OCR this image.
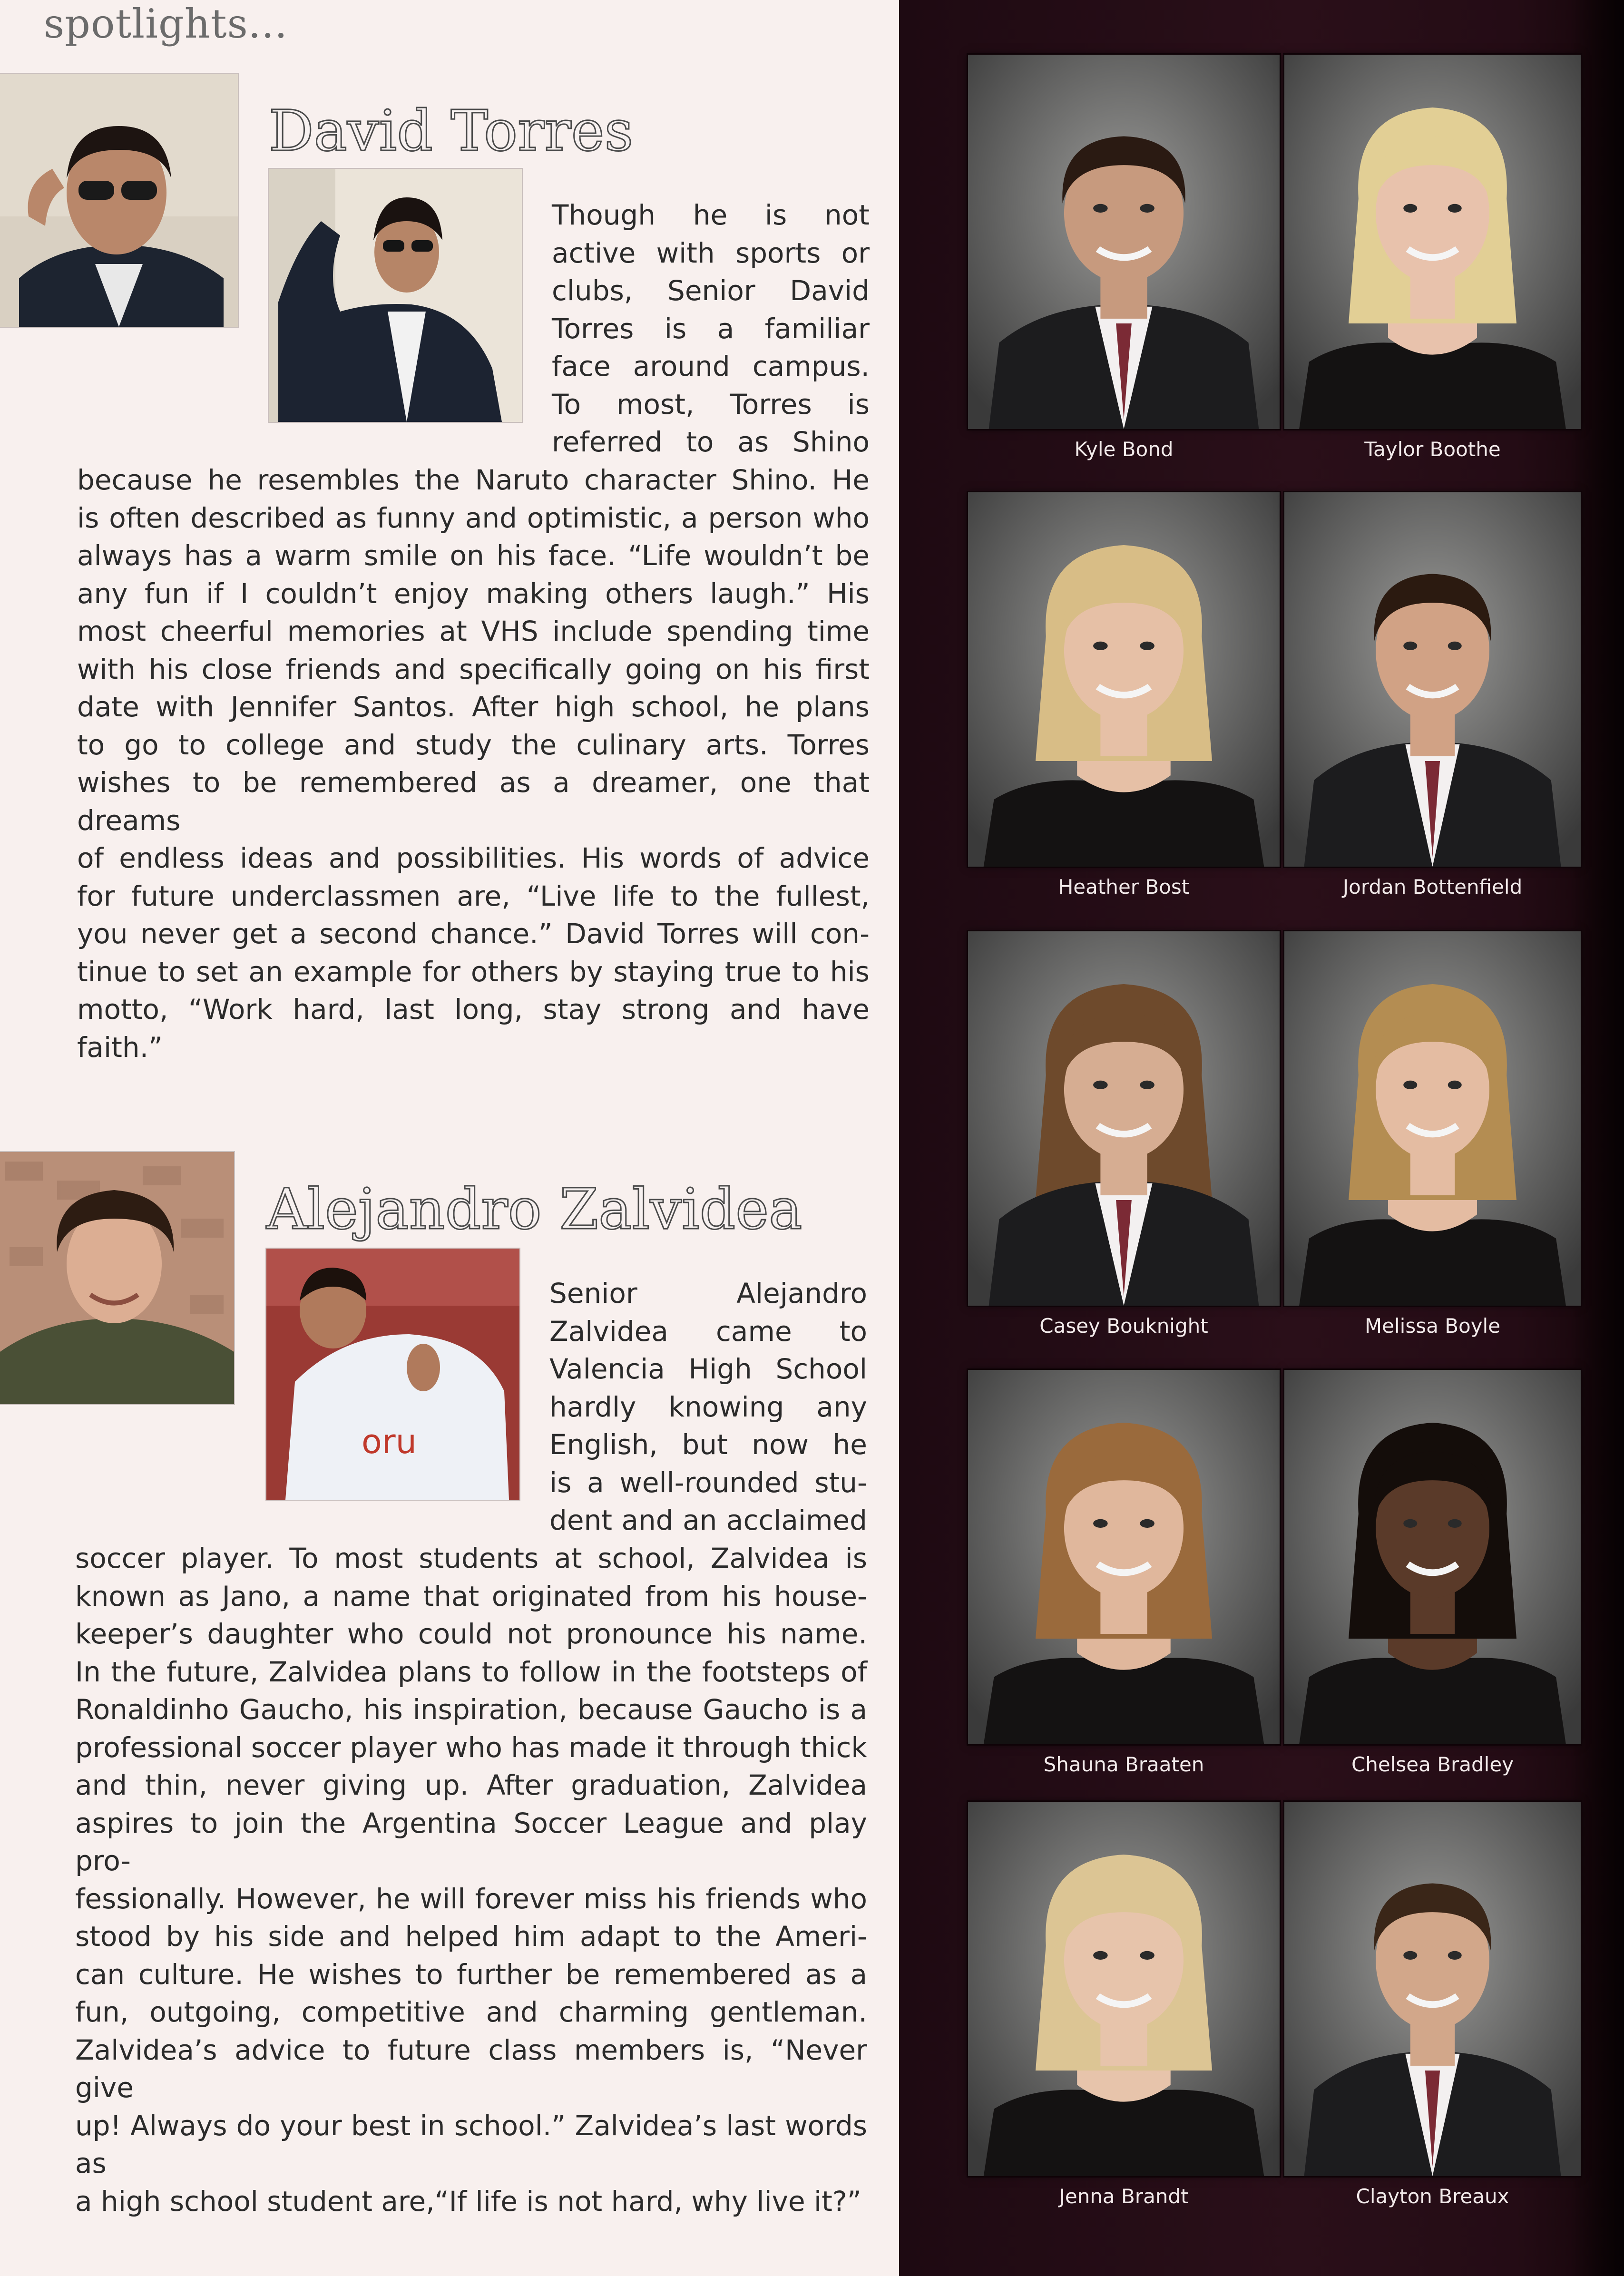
spotlights...
David Torres

Though he is not

active with sports or

clubs, Senior David

Torres is a familiar

face around campus.

To most, Torres is

referred to as Shino

because he resembles the Naruto character Shino. He

is often described as funny and optimistic, a person who

always has a warm smile on his face. “Life wouldn’t be

any fun if I couldn’t enjoy making others laugh.” His

most cheerful memories at VHS include spending time

with his close friends and specifically going on his first

date with Jennifer Santos. After high school, he plans

to go to college and study the culinary arts. Torres

wishes to be remembered as a dreamer, one that dreams

of endless ideas and possibilities. His words of advice

for future underclassmen are, “Live life to the fullest,

you never get a second chance.” David Torres will con-

tinue to set an example for others by staying true to his

motto, “Work hard, last long, stay strong and have faith.”

oru
Alejandro Zalvidea

Senior Alejandro

Zalvidea came to

Valencia High School

hardly knowing any

English, but now he

is a well-rounded stu-

dent and an acclaimed

soccer player. To most students at school, Zalvidea is

known as Jano, a name that originated from his house-

keeper’s daughter who could not pronounce his name.

In the future, Zalvidea plans to follow in the footsteps of

Ronaldinho Gaucho, his inspiration, because Gaucho is a

professional soccer player who has made it through thick

and thin, never giving up. After graduation, Zalvidea

aspires to join the Argentina Soccer League and play pro-

fessionally. However, he will forever miss his friends who

stood by his side and helped him adapt to the Ameri-

can culture. He wishes to further be remembered as a

fun, outgoing, competitive and charming gentleman.

Zalvidea’s advice to future class members is, “Never give

up! Always do your best in school.” Zalvidea’s last words as

a high school student are,“If life is not hard, why live it?”

Kyle Bond	Taylor Boothe
Heather Bost	Jordan Bottenfield
Casey Bouknight	Melissa Boyle
Shauna Braaten	Chelsea Bradley
Jenna Brandt	Clayton Breaux
